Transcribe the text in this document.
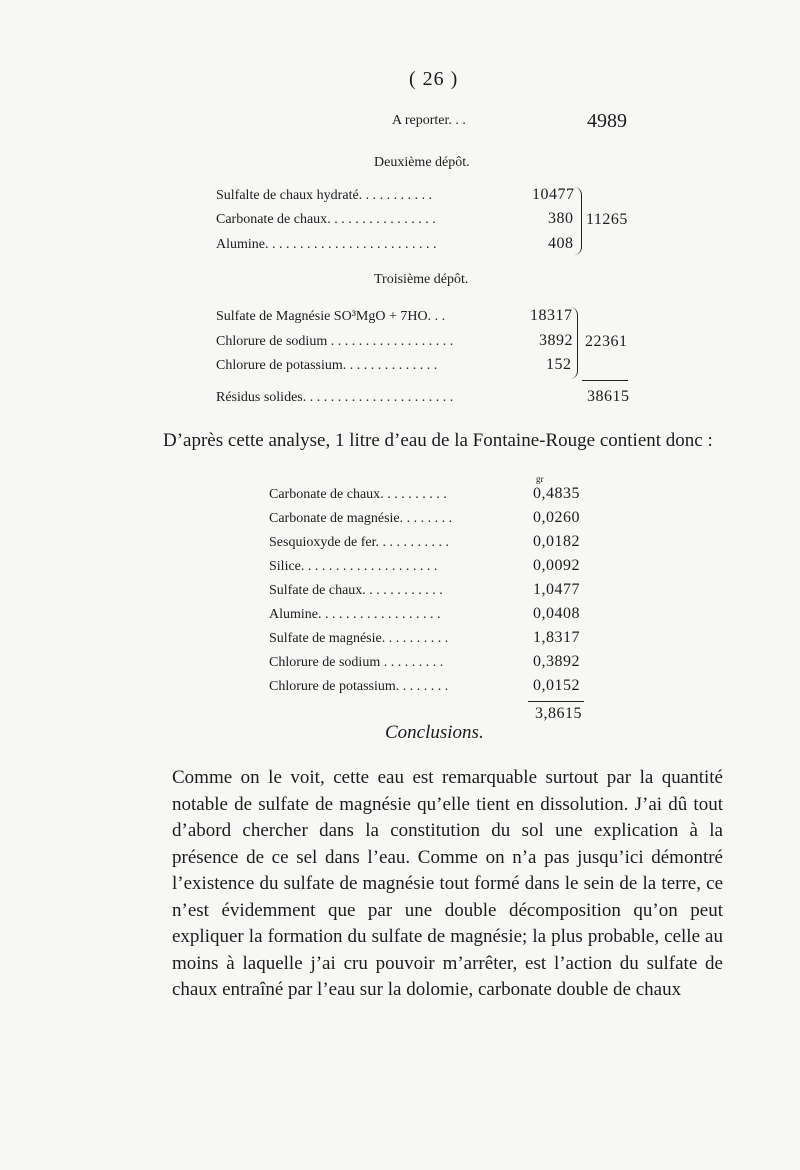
( 26 )
A reporter. . .	4989
Deuxième dépôt.
Sulfalte de chaux hydraté. . . . . . . . . . .	10477
Carbonate de chaux. . . . . . . . . . . . . . . .	380
Alumine. . . . . . . . . . . . . . . . . . . . . . . . .	408
11265
Troisième dépôt.
Sulfate de Magnésie SO³MgO + 7HO. . .	18317
Chlorure de sodium . . . . . . . . . . . . . . . . . .	3892
Chlorure de potassium. . . . . . . . . . . . . .	152
22361
Résidus solides. . . . . . . . . . . . . . . . . . . . . .	38615
D’après cette analyse, 1 litre d’eau de la Fontaine-Rouge contient donc :
gr
Carbonate de chaux. . . . . . . . . .	0,4835
Carbonate de magnésie. . . . . . . .	0,0260
Sesquioxyde de fer. . . . . . . . . . .	0,0182
Silice. . . . . . . . . . . . . . . . . . . .	0,0092
Sulfate de chaux. . . . . . . . . . . .	1,0477
Alumine. . . . . . . . . . . . . . . . . .	0,0408
Sulfate de magnésie. . . . . . . . . .	1,8317
Chlorure de sodium . . . . . . . . .	0,3892
Chlorure de potassium. . . . . . . .	0,0152
3,8615
Conclusions.
Comme on le voit, cette eau est remarquable surtout par la quantité notable de sulfate de magnésie qu’elle tient en dissolution. J’ai dû tout d’abord chercher dans la constitution du sol une explication à la présence de ce sel dans l’eau. Comme on n’a pas jusqu’ici démontré l’existence du sulfate de magnésie tout formé dans le sein de la terre, ce n’est évidemment que par une double décomposition qu’on peut expliquer la formation du sulfate de magnésie; la plus probable, celle au moins à laquelle j’ai cru pouvoir m’arrêter, est l’action du sulfate de chaux entraîné par l’eau sur la dolomie, carbonate double de chaux
